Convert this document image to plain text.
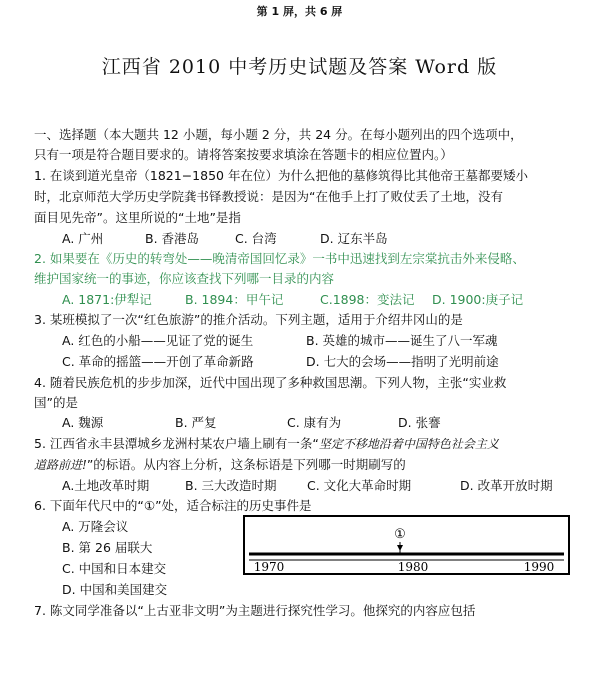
第 1 屏，共 6 屏
江西省 2010 中考历史试题及答案 Word 版
一、选择题（本大题共 12 小题，每小题 2 分，共 24 分。在每小题列出的四个选项中，
只有一项是符合题目要求的。请将答案按要求填涂在答题卡的相应位置内。）
1. 在谈到道光皇帝（1821−1850 年在位）为什么把他的墓修筑得比其他帝王墓都要矮小
时，北京师范大学历史学院龚书铎教授说：是因为“在他手上打了败仗丢了土地，没有
面目见先帝”。这里所说的“土地”是指
A. 广州	B. 香港岛	C. 台湾	D. 辽东半岛
2. 如果要在《历史的转弯处——晚清帝国回忆录》一书中迅速找到左宗棠抗击外来侵略、
维护国家统一的事迹，你应该查找下列哪一目录的内容
A. 1871:伊犁记	B. 1894：甲午记	C.1898：变法记 D. 1900:庚子记
3. 某班模拟了一次“红色旅游”的推介活动。下列主题，适用于介绍井冈山的是
A. 红色的小船——见证了党的诞生	B. 英雄的城市——诞生了八一军魂
C. 革命的摇篮——开创了革命新路	D. 七大的会场——指明了光明前途
4. 随着民族危机的步步加深，近代中国出现了多种救国思潮。下列人物，主张“实业救
国”的是
A. 魏源	B. 严复	C. 康有为	D. 张謇
5. 江西省永丰县潭城乡龙洲村某农户墙上刷有一条“坚定不移地沿着中国特色社会主义
道路前进!”的标语。从内容上分析，这条标语是下列哪一时期刷写的
A.土地改革时期	B. 三大改造时期 C. 文化大革命时期	D. 改革开放时期
6. 下面年代尺中的“①”处，适合标注的历史事件是
A. 万隆会议
B. 第 26 届联大
C. 中国和日本建交
D. 中国和美国建交
①
1970	1980	1990
7. 陈文同学准备以“上古亚非文明”为主题进行探究性学习。他探究的内容应包括
